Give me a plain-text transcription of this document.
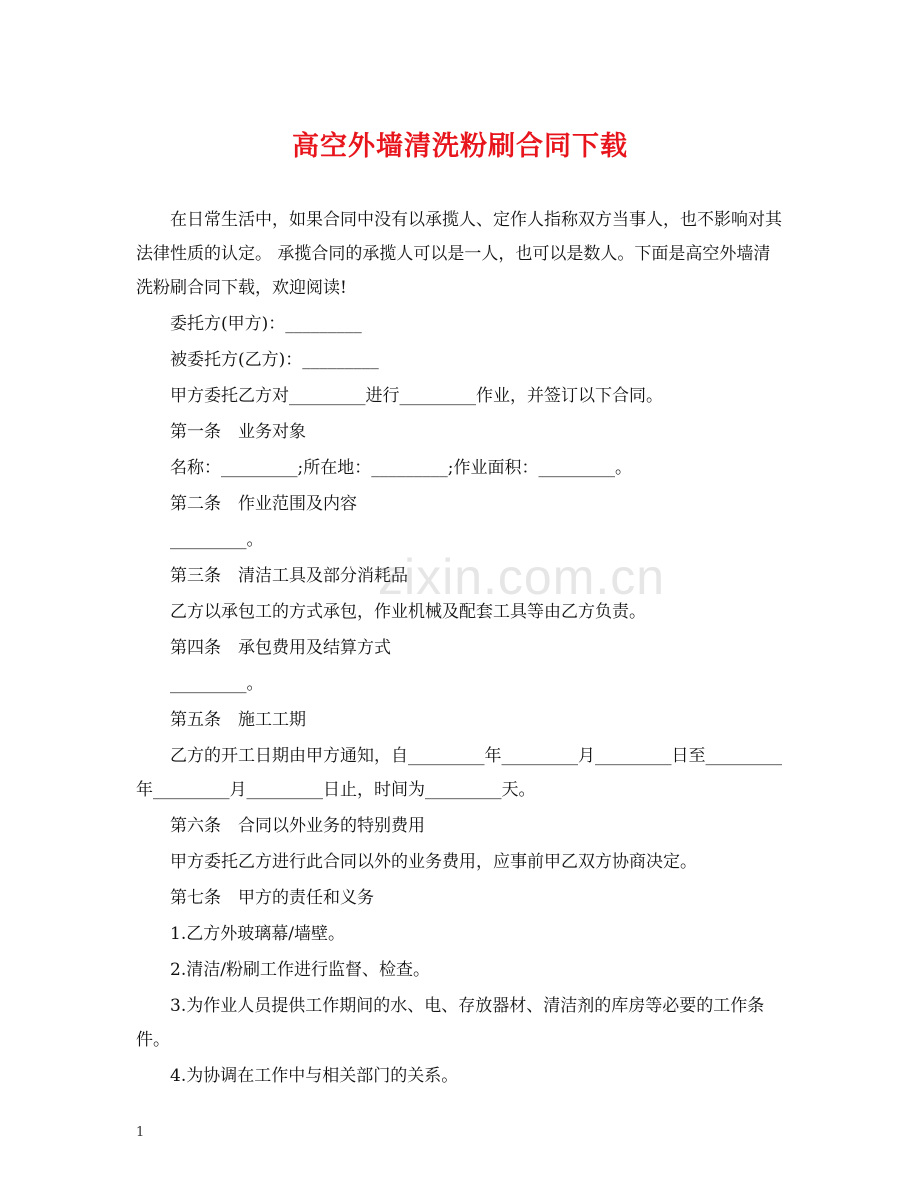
高空外墙清洗粉刷合同下载
zixin.com.cn

在日常生活中，如果合同中没有以承揽人、定作人指称双方当事人，也不影响对其法律性质的认定。 承揽合同的承揽人可以是一人，也可以是数人。下面是高空外墙清洗粉刷合同下载，欢迎阅读!

委托方(甲方)：_________

被委托方(乙方)：_________

甲方委托乙方对_________进行_________作业，并签订以下合同。

第一条　业务对象

名称：_________;所在地：_________;作业面积：_________。

第二条　作业范围及内容

_________。

第三条　清洁工具及部分消耗品

乙方以承包工的方式承包，作业机械及配套工具等由乙方负责。

第四条　承包费用及结算方式

_________。

第五条　施工工期

乙方的开工日期由甲方通知，自_________年_________月_________日至_________年_________月_________日止，时间为_________天。

第六条　合同以外业务的特别费用

甲方委托乙方进行此合同以外的业务费用，应事前甲乙双方协商决定。

第七条　甲方的责任和义务

1.乙方外玻璃幕/墙壁。

2.清洁/粉刷工作进行监督、检查。

3.为作业人员提供工作期间的水、电、存放器材、清洁剂的库房等必要的工作条件。

4.为协调在工作中与相关部门的关系。

1
